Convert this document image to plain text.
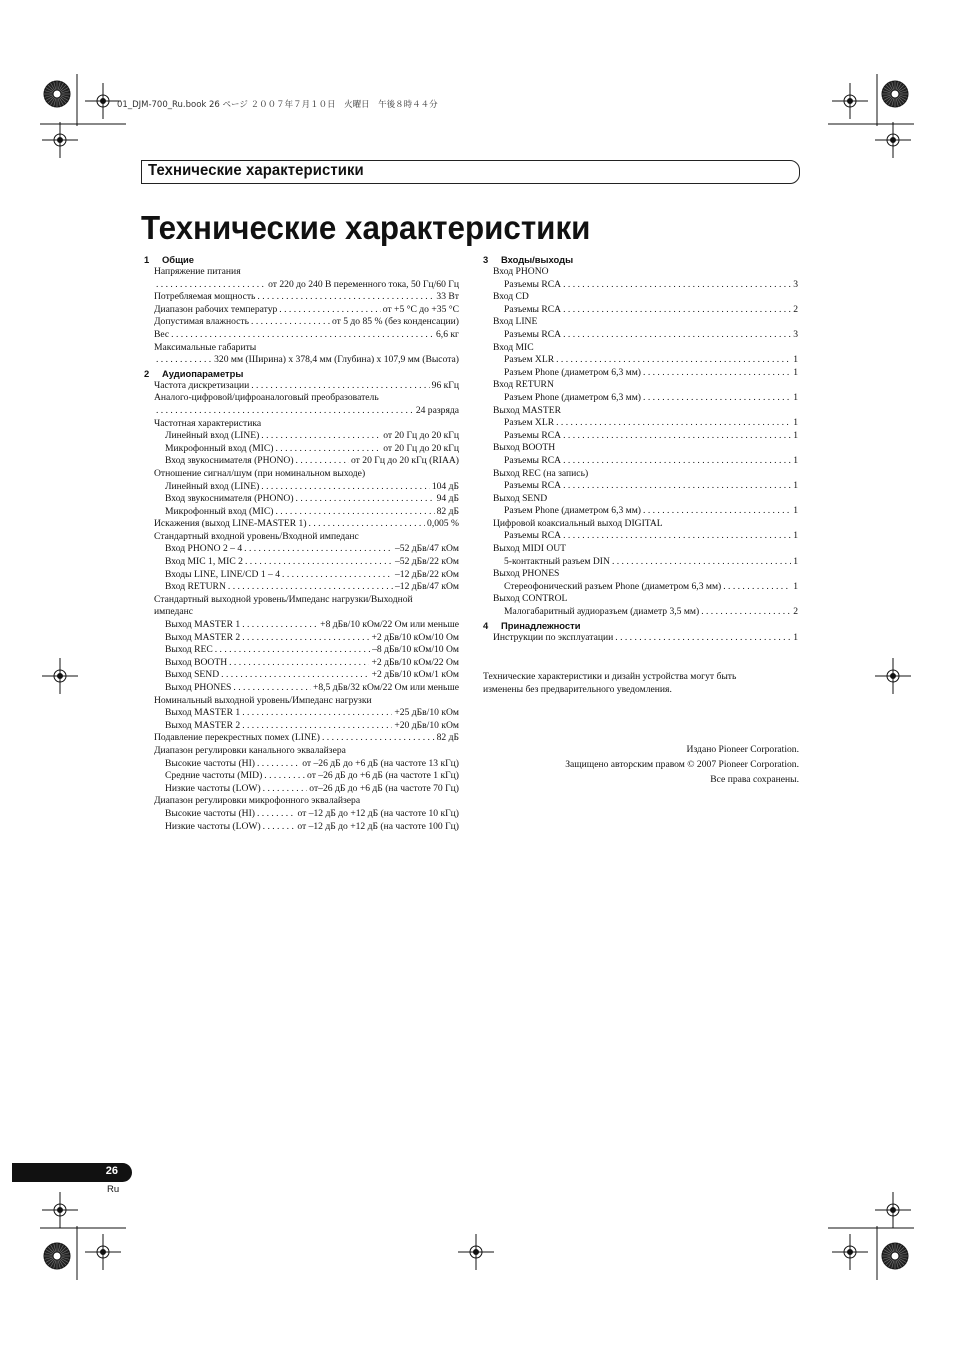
01_DJM-700_Ru.book 26 ページ ２００７年７月１０日　火曜日　午後８時４４分
Технические характеристики
Технические характеристики
1 Общие
Напряжение питания
. . .
от 220 до 240 В переменного тока, 50 Гц/60 Гц
Потребляемая мощность . . .	33 Вт
Диапазон рабочих температур . . .	от +5 °C до +35 °C
Допустимая влажность . . .	от 5 до 85 % (без конденсации)
Вес . . .	6,6 кг
Максимальные габариты
. . .
320 мм (Ширина) x 378,4 мм (Глубина) x 107,9 мм (Высота)
2 Аудиопараметры
Частота дискретизации . . .	96 кГц
Аналого-цифровой/цифроаналоговый преобразователь
. . .
24 разряда
Частотная характеристика
Линейный вход (LINE) . . .	от 20 Гц до 20 кГц
Микрофонный вход (MIC) . . .	от 20 Гц до 20 кГц
Вход звукоснимателя (PHONO) . . .	от 20 Гц до 20 кГц (RIAA)
Отношение сигнал/шум (при номинальном выходе)
Линейный вход (LINE) . . .	104 дБ
Вход звукоснимателя (PHONO) . . .	94 дБ
Микрофонный вход (MIC) . . .	82 дБ
Искажения (выход LINE-MASTER 1) . . .	0,005 %
Стандартный входной уровень/Входной импеданс
Вход PHONO 2 – 4 . . .	–52 дБв/47 кОм
Вход MIC 1, MIC 2 . . .	–52 дБв/22 кОм
Входы LINE, LINE/CD 1 – 4 . . .	–12 дБв/22 кОм
Вход RETURN . . .	–12 дБв/47 кОм
Стандартный выходной уровень/Импеданс нагрузки/Выходной
импеданс
Выход MASTER 1 . . .	+8 дБв/10 кОм/22 Ом или меньше
Выход MASTER 2 . . .	+2 дБв/10 кОм/10 Ом
Выход REC . . .	–8 дБв/10 кОм/10 Ом
Выход BOOTH . . .	+2 дБв/10 кОм/22 Ом
Выход SEND . . .	+2 дБв/10 кОм/1 кОм
Выход PHONES . . .	+8,5 дБв/32 кОм/22 Ом или меньше
Номинальный выходной уровень/Импеданс нагрузки
Выход MASTER 1 . . .	+25 дБв/10 кОм
Выход MASTER 2 . . .	+20 дБв/10 кОм
Подавление перекрестных помех (LINE) . . .	82 дБ
Диапазон регулировки канального эквалайзера
Высокие частоты (HI) . . .	от –26 дБ до +6 дБ (на частоте 13 кГц)
Средние частоты (MID) . . .	от –26 дБ до +6 дБ (на частоте 1 кГц)
Низкие частоты (LOW) . . .	от–26 дБ до +6 дБ (на частоте 70 Гц)
Диапазон регулировки микрофонного эквалайзера
Высокие частоты (HI) . . .	от –12 дБ до +12 дБ (на частоте 10 кГц)
Низкие частоты (LOW) . . .	от –12 дБ до +12 дБ (на частоте 100 Гц)
3 Входы/выходы
Вход PHONO
Разъемы RCA . . .	3
Вход CD
Разъемы RCA . . .	2
Вход LINE
Разъемы RCA . . .	3
Вход MIC
Разъем XLR . . .	1
Разъем Phone (диаметром 6,3 мм) . . .	1
Вход RETURN
Разъем Phone (диаметром 6,3 мм) . . .	1
Выход MASTER
Разъем XLR . . .	1
Разъемы RCA . . .	1
Выход BOOTH
Разъемы RCA . . .	1
Выход REC (на запись)
Разъемы RCA . . .	1
Выход SEND
Разъем Phone (диаметром 6,3 мм) . . .	1
Цифровой коаксиальный выход DIGITAL
Разъемы RCA . . .	1
Выход MIDI OUT
5-контактный разъем DIN . . .	1
Выход PHONES
Стереофонический разъем Phone (диаметром 6,3 мм) . . .	1
Выход CONTROL
Малогабаритный аудиоразъем (диаметр 3,5 мм) . . .	2
4 Принадлежности
Инструкции по эксплуатации . . .	1
Технические характеристики и дизайн устройства могут быть
изменены без предварительного уведомления.
Издано Pioneer Corporation.
Защищено авторским правом © 2007 Pioneer Corporation.
Все права сохранены.
26
Ru
